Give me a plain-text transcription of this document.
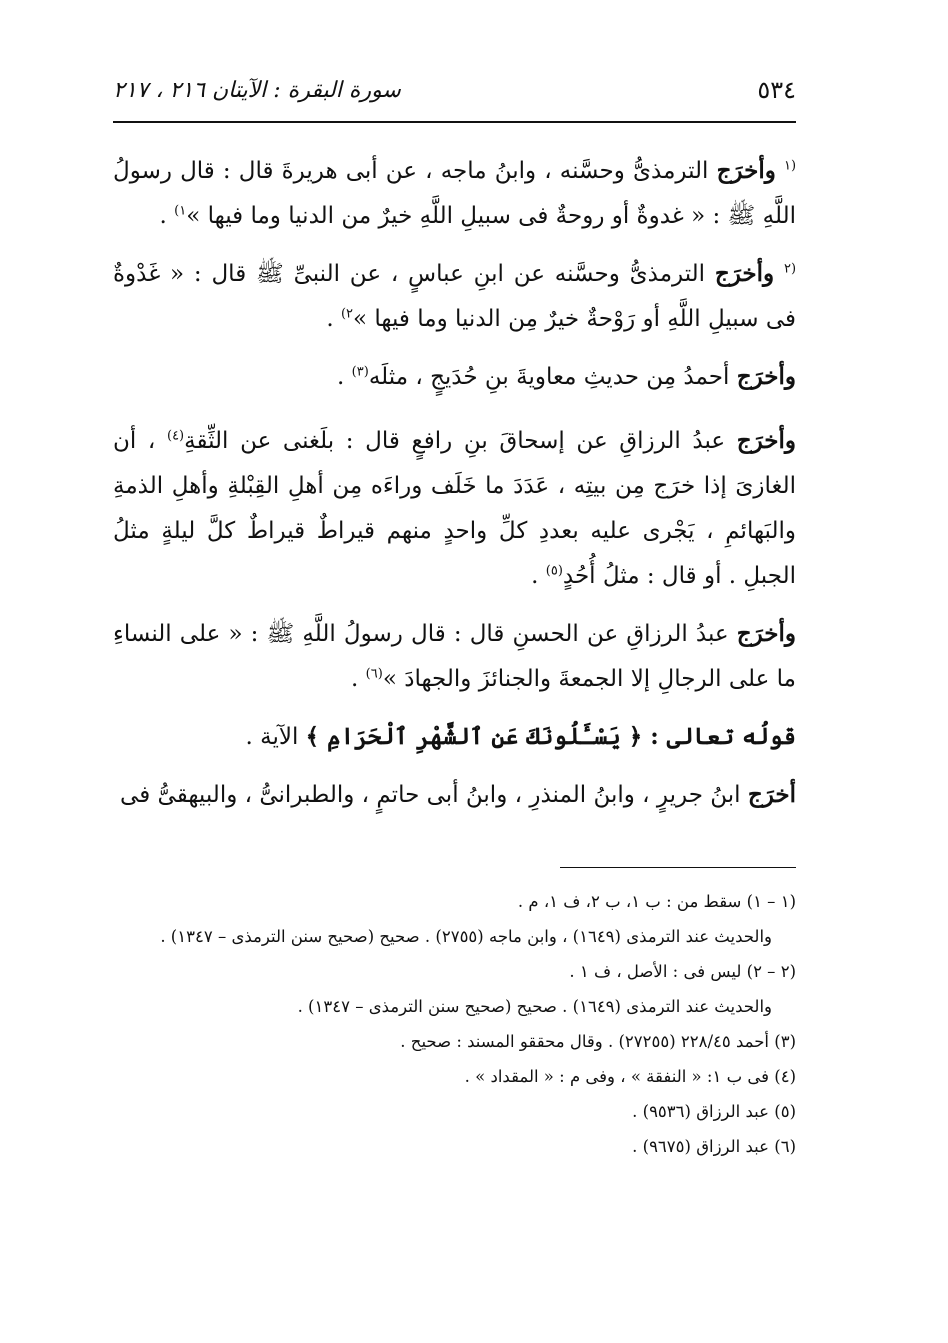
٥٣٤
سورة البقرة : الآيتان ٢١٦ ، ٢١٧

$^{(١}$ وأخرَج الترمذىُّ وحسَّنه ، وابنُ ماجه ، عن أبى هريرةَ قال : قال رسولُ اللَّهِ ﷺ : « غدوةٌ أو روحةٌ فى سبيلِ اللَّهِ خيرٌ من الدنيا وما فيها »$^{١)}$ .

$^{(٢}$ وأخرَج الترمذىُّ وحسَّنه عن ابنِ عباسٍ ، عن النبىِّ ﷺ قال : « غَدْوةٌ فى سبيلِ اللَّهِ أو رَوْحةٌ خيرٌ مِن الدنيا وما فيها »$^{٢)}$ .

وأخرَج أحمدُ مِن حديثِ معاويةَ بنِ حُدَيجٍ ، مثلَه$^{(٣)}$ .

وأخرَج عبدُ الرزاقِ عن إسحاقَ بنِ رافعٍ قال : بلَغنى عن الثِّقةِ$^{(٤)}$ ، أن الغازىَ إذا خرَج مِن بيتِه ، عَدَدَ ما خَلَف وراءَه مِن أهلِ القِبْلةِ وأهلِ الذمةِ والبَهائمِ ، يَجْرى عليه بعددِ كلِّ واحدٍ منهم قيراطٌ قيراطٌ كلَّ ليلةٍ مثلُ الجبلِ . أو قال : مثلُ أُحُدٍ$^{(٥)}$ .

وأخرَج عبدُ الرزاقِ عن الحسنِ قال : قال رسولُ اللَّهِ ﷺ : « على النساءِ ما على الرجالِ إلا الجمعةَ والجنائزَ والجهادَ »$^{(٦)}$ .

قولُه تعالى : ﴿ يَسْـَٔلُونَكَ عَنِ ٱلشَّهْرِ ٱلْحَرَامِ ﴾ الآية .

أخرَج ابنُ جريرٍ ، وابنُ المنذرِ ، وابنُ أبى حاتمٍ ، والطبرانىُّ ، والبيهقىُّ فى

(١ – ١) سقط من : ب ١، ب ٢، ف ١، م .

والحديث عند الترمذى (١٦٤٩) ، وابن ماجه (٢٧٥٥) . صحيح (صحيح سنن الترمذى – ١٣٤٧) .

(٢ – ٢) ليس فى : الأصل ، ف ١ .

والحديث عند الترمذى (١٦٤٩) . صحيح (صحيح سنن الترمذى – ١٣٤٧) .

(٣) أحمد ٢٢٨/٤٥ (٢٧٢٥٥) . وقال محققو المسند : صحيح .

(٤) فى ب ١: « النفقة » ، وفى م : « المقداد » .

(٥) عبد الرزاق (٩٥٣٦) .

(٦) عبد الرزاق (٩٦٧٥) .
